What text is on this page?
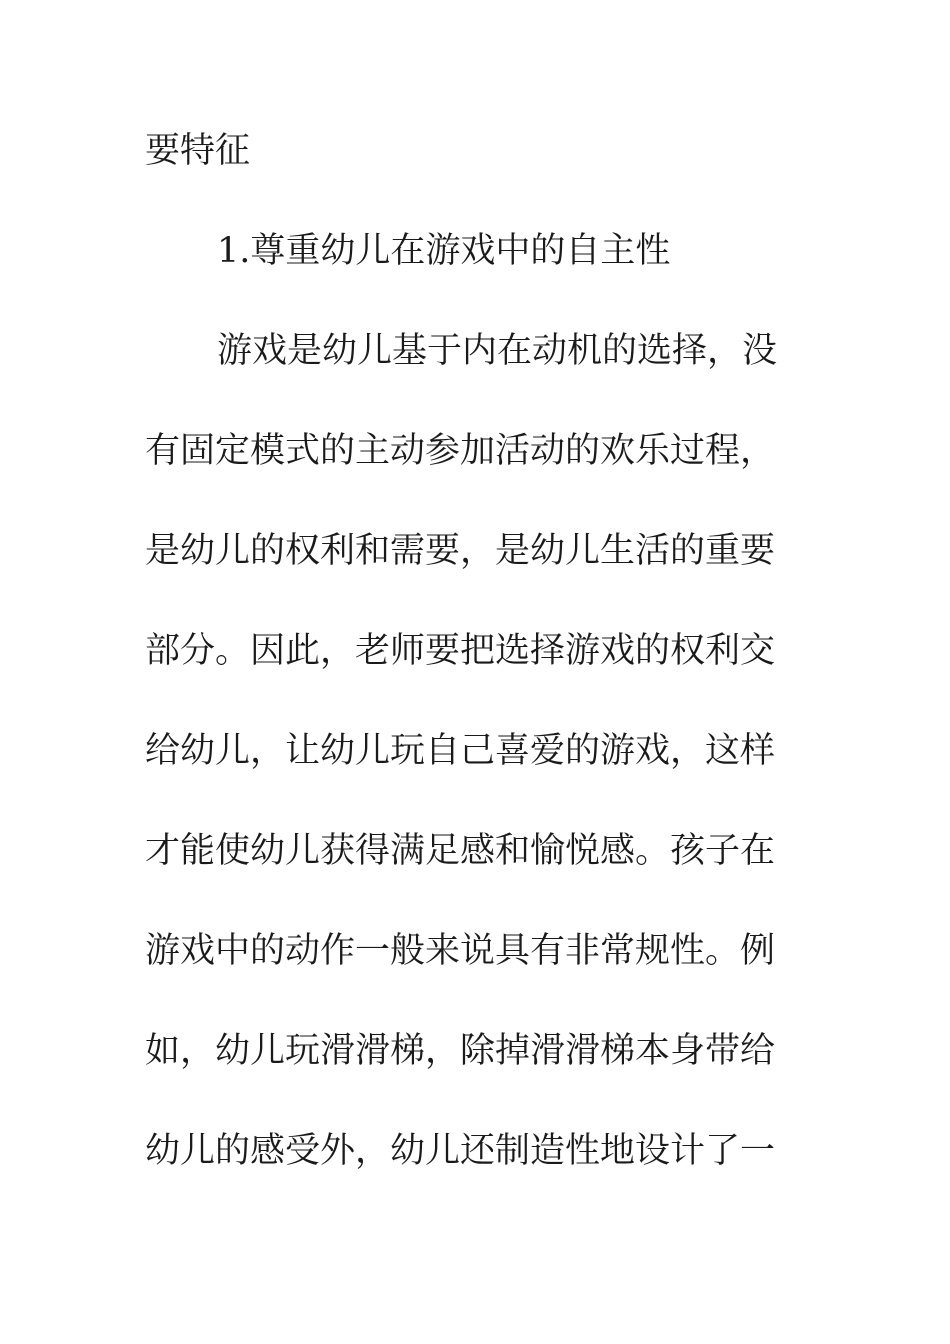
要特征
1.尊重幼儿在游戏中的自主性
游戏是幼儿基于内在动机的选择，没
有固定模式的主动参加活动的欢乐过程，
是幼儿的权利和需要，是幼儿生活的重要
部分。因此，老师要把选择游戏的权利交
给幼儿，让幼儿玩自己喜爱的游戏，这样
才能使幼儿获得满足感和愉悦感。孩子在
游戏中的动作一般来说具有非常规性。例
如，幼儿玩滑滑梯，除掉滑滑梯本身带给
幼儿的感受外，幼儿还制造性地设计了一
